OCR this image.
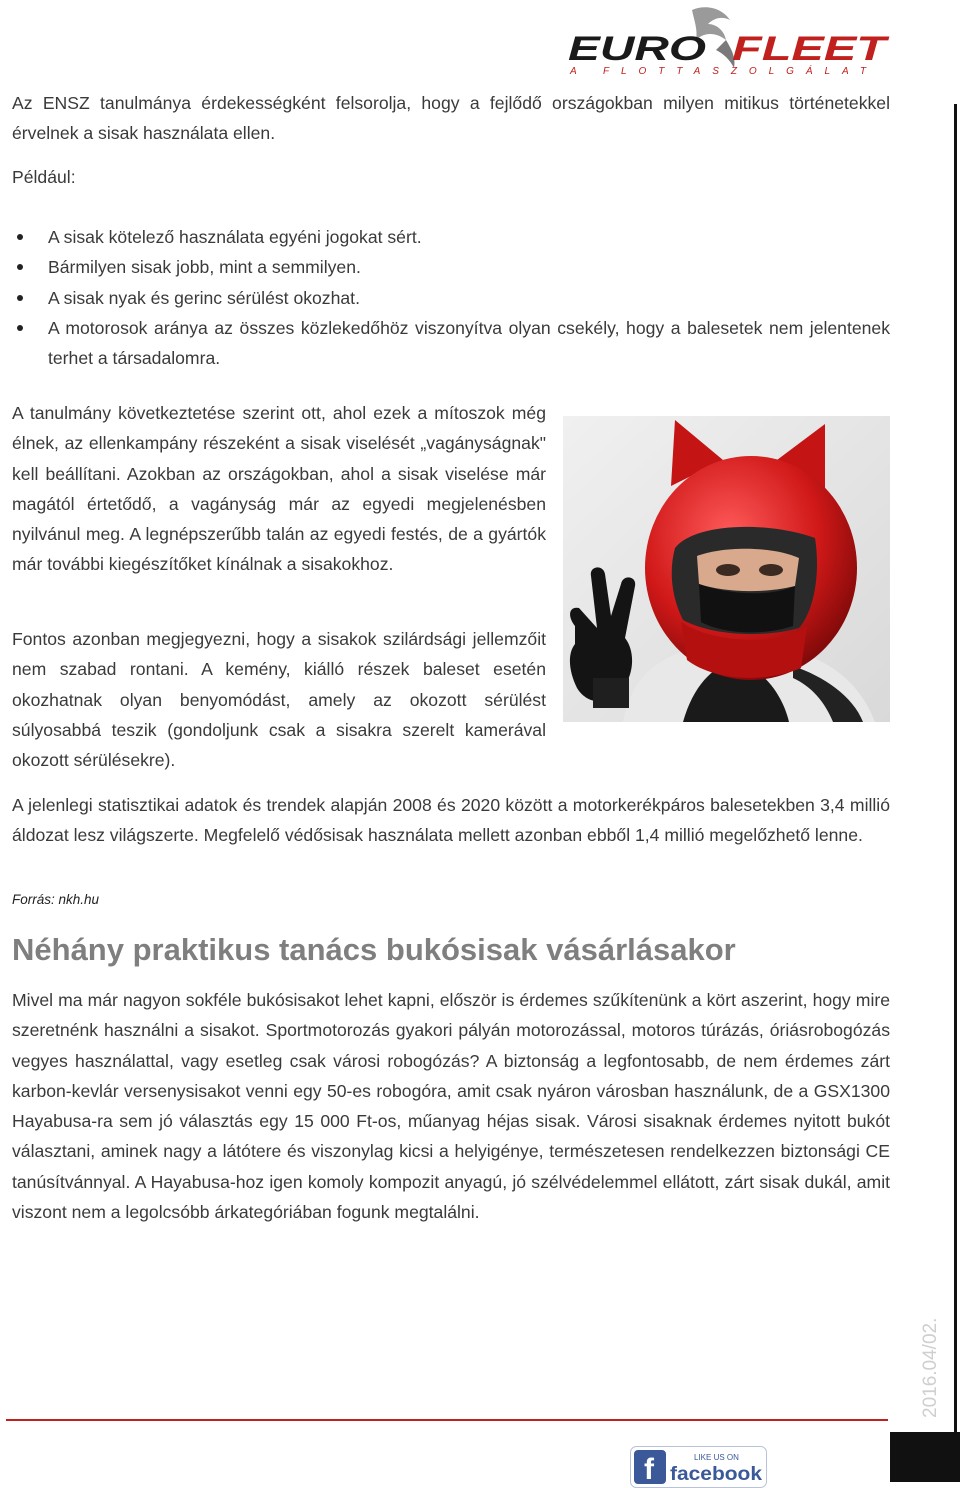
EURO FLEET
A FLOTTASZOLGÁLAT

Az ENSZ tanulmánya érdekességként felsorolja, hogy a fejlődő országokban milyen mitikus történetekkel érvelnek a sisak használata ellen.

Például:

A sisak kötelező használata egyéni jogokat sért.
Bármilyen sisak jobb, mint a semmilyen.
A sisak nyak és gerinc sérülést okozhat.
A motorosok aránya az összes közlekedőhöz viszonyítva olyan csekély, hogy a balesetek nem jelentenek terhet a társadalomra.

A tanulmány következtetése szerint ott, ahol ezek a mítoszok még élnek, az ellenkampány részeként a sisak viselését „vagányságnak" kell beállítani. Azokban az országokban, ahol a sisak viselése már magától értetődő, a vagányság már az egyedi megjelenésben nyilvánul meg. A legnépszerűbb talán az egyedi festés, de a gyártók már további kiegészítőket kínálnak a sisakokhoz.

Fontos azonban megjegyezni, hogy a sisakok szilárdsági jellemzőit nem szabad rontani. A kemény, kiálló részek baleset esetén okozhatnak olyan benyomódást, amely az okozott sérülést súlyosabbá teszik (gondoljunk csak a sisakra szerelt kamerával okozott sérülésekre).

A jelenlegi statisztikai adatok és trendek alapján 2008 és 2020 között a motorkerékpáros balesetekben 3,4 millió áldozat lesz világszerte. Megfelelő védősisak használata mellett azonban ebből 1,4 millió megelőzhető lenne.

Forrás: nkh.hu

Néhány praktikus tanács bukósisak vásárlásakor

Mivel ma már nagyon sokféle bukósisakot lehet kapni, először is érdemes szűkítenünk a kört aszerint, hogy mire szeretnénk használni a sisakot. Sportmotorozás gyakori pályán motorozással, motoros túrázás, óriásrobogózás vegyes használattal, vagy esetleg csak városi robogózás? A biztonság a legfontosabb, de nem érdemes zárt karbon-kevlár versenysisakot venni egy 50-es robogóra, amit csak nyáron városban használunk, de a GSX1300 Hayabusa-ra sem jó választás egy 15 000 Ft-os, műanyag héjas sisak. Városi sisaknak érdemes nyitott bukót választani, aminek nagy a látótere és viszonylag kicsi a helyigénye, természetesen rendelkezzen biztonsági CE tanúsítvánnyal. A Hayabusa-hoz igen komoly kompozit anyagú, jó szélvédelemmel ellátott, zárt sisak dukál, amit viszont nem a legolcsóbb árkategóriában fogunk megtalálni.

2016.04/02.
f	LIKE US ON
facebook
